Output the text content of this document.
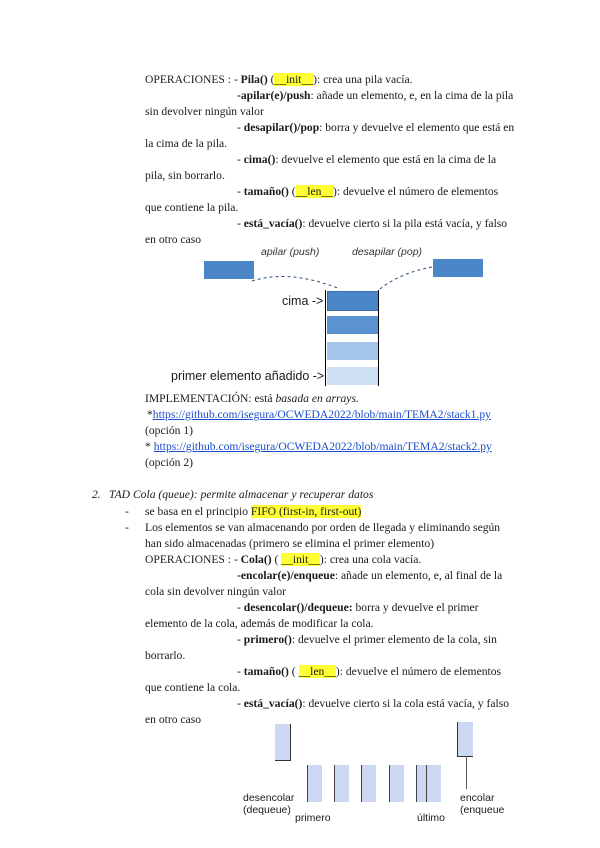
OPERACIONES : - Pila() (__init__): crea una pila vacía.
-apilar(e)/push: añade un elemento, e, en la cima de la pila
sin devolver ningún valor
- desapilar()/pop: borra y devuelve el elemento que está en
la cima de la pila.
- cima(): devuelve el elemento que está en la cima de la
pila, sin borrarlo.
- tamaño() (__len__): devuelve el número de elementos
que contiene la pila.
- está_vacía(): devuelve cierto si la pila está vacía, y falso
en otro caso
apilar (push)	desapilar (pop)
cima ->
primer elemento añadido ->
IMPLEMENTACIÓN: está basada en arrays.
*https://github.com/isegura/OCWEDA2022/blob/main/TEMA2/stack1.py
(opción 1)
* https://github.com/isegura/OCWEDA2022/blob/main/TEMA2/stack2.py
(opción 2)
2. TAD Cola (queue): permite almacenar y recuperar datos
- se basa en el principio FIFO (first-in, first-out)
- Los elementos se van almacenando por orden de llegada y eliminando según
han sido almacenadas (primero se elimina el primer elemento)
OPERACIONES : - Cola() ( __init__): crea una cola vacía.
-encolar(e)/enqueue: añade un elemento, e, al final de la
cola sin devolver ningún valor
- desencolar()/dequeue: borra y devuelve el primer
elemento de la cola, además de modificar la cola.
- primero(): devuelve el primer elemento de la cola, sin
borrarlo.
- tamaño() ( __len__): devuelve el número de elementos
que contiene la cola.
- está_vacía(): devuelve cierto si la cola está vacía, y falso
en otro caso
desencolar
(dequeue)
primero	último
encolar
(enqueue
